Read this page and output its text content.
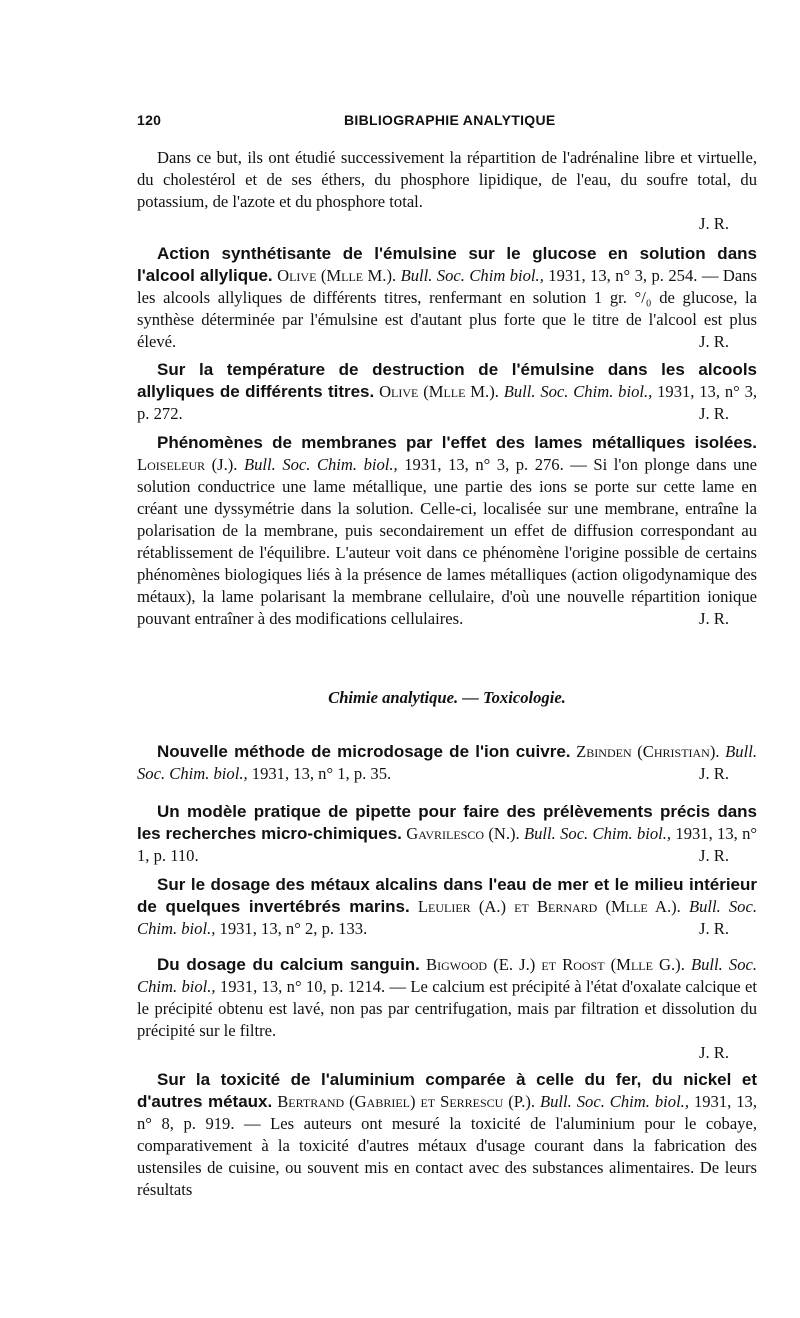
120	BIBLIOGRAPHIE ANALYTIQUE

Dans ce but, ils ont étudié successivement la répartition de l'adrénaline libre et virtuelle, du cholestérol et de ses éthers, du phosphore lipidique, de l'eau, du soufre total, du potassium, de l'azote et du phosphore total.

J. R.

Action synthétisante de l'émulsine sur le glucose en solution dans l'alcool allylique. Olive (Mlle M.). Bull. Soc. Chim biol., 1931, 13, n° 3, p. 254. — Dans les alcools allyliques de différents titres, renfermant en solution 1 gr. °/₀ de glucose, la synthèse déterminée par l'émulsine est d'autant plus forte que le titre de l'alcool est plus élevé.	J. R.

Sur la température de destruction de l'émulsine dans les alcools allyliques de différents titres. Olive (Mlle M.). Bull. Soc. Chim. biol., 1931, 13, n° 3, p. 272.	J. R.

Phénomènes de membranes par l'effet des lames métalliques isolées. Loiseleur (J.). Bull. Soc. Chim. biol., 1931, 13, n° 3, p. 276. — Si l'on plonge dans une solution conductrice une lame métallique, une partie des ions se porte sur cette lame en créant une dyssymétrie dans la solution. Celle-ci, localisée sur une membrane, entraîne la polarisation de la membrane, puis secondairement un effet de diffusion correspondant au rétablissement de l'équilibre. L'auteur voit dans ce phénomène l'origine possible de certains phénomènes biologiques liés à la présence de lames métalliques (action oligodynamique des métaux), la lame polarisant la membrane cellulaire, d'où une nouvelle répartition ionique pouvant entraîner à des modifications cellulaires.	J. R.

Chimie analytique. — Toxicologie.

Nouvelle méthode de microdosage de l'ion cuivre. Zbinden (Christian). Bull. Soc. Chim. biol., 1931, 13, n° 1, p. 35.	J. R.

Un modèle pratique de pipette pour faire des prélèvements précis dans les recherches micro-chimiques. Gavrilesco (N.). Bull. Soc. Chim. biol., 1931, 13, n° 1, p. 110.	J. R.

Sur le dosage des métaux alcalins dans l'eau de mer et le milieu intérieur de quelques invertébrés marins. Leulier (A.) et Bernard (Mlle A.). Bull. Soc. Chim. biol., 1931, 13, n° 2, p. 133.	J. R.

Du dosage du calcium sanguin. Bigwood (E. J.) et Roost (Mlle G.). Bull. Soc. Chim. biol., 1931, 13, n° 10, p. 1214. — Le calcium est précipité à l'état d'oxalate calcique et le précipité obtenu est lavé, non pas par centrifugation, mais par filtration et dissolution du précipité sur le filtre.

J. R.

Sur la toxicité de l'aluminium comparée à celle du fer, du nickel et d'autres métaux. Bertrand (Gabriel) et Serrescu (P.). Bull. Soc. Chim. biol., 1931, 13, n° 8, p. 919. — Les auteurs ont mesuré la toxicité de l'aluminium pour le cobaye, comparativement à la toxicité d'autres métaux d'usage courant dans la fabrication des ustensiles de cuisine, ou souvent mis en contact avec des substances alimentaires. De leurs résultats
